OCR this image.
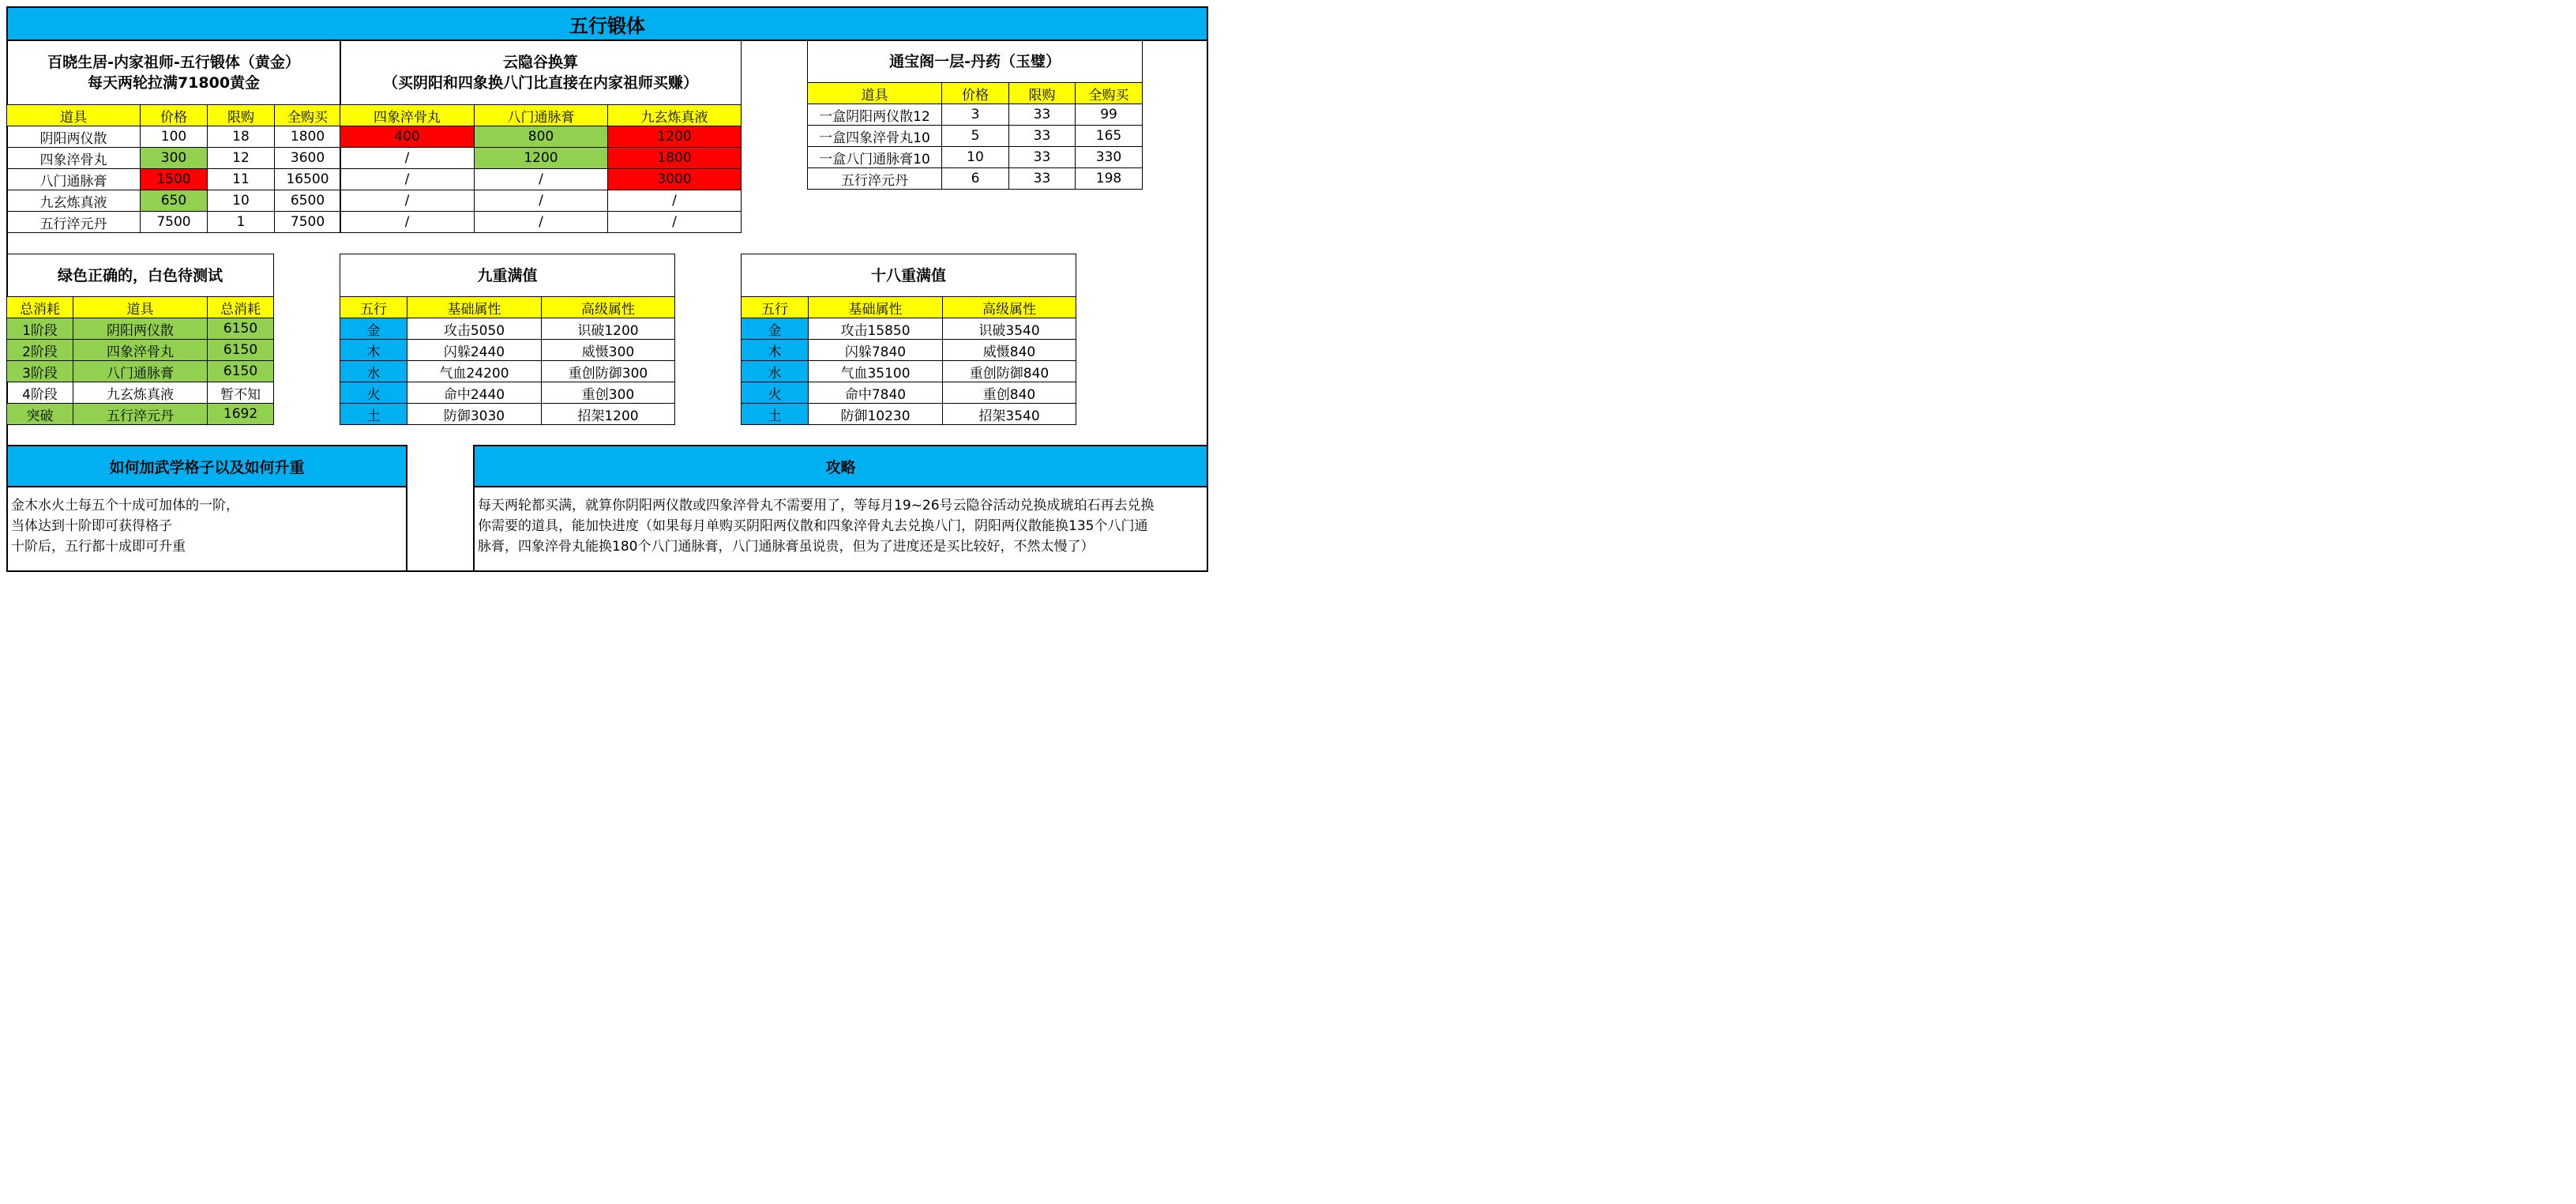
五行锻体
百晓生居-内家祖师-五行锻体（黄金）
每天两轮拉满71800黄金			

道具	价格	限购	全购买
阴阳两仪散	100	18	1800
四象淬骨丸	300	12	3600
八门通脉膏	1500	11	16500
九玄炼真液	650	10	6500
五行淬元丹	7500	1	7500
云隐谷换算
（买阴阳和四象换八门比直接在内家祖师买赚）		

四象淬骨丸	八门通脉膏	九玄炼真液
400	800	1200
/	1200	1800
/	/	3000
/	/	/
/	/	/
通宝阁一层-丹药（玉璧）			
道具	价格	限购	全购买
一盒阴阳两仪散12	3	33	99
一盒四象淬骨丸10	5	33	165
一盒八门通脉膏10	10	33	330
五行淬元丹	6	33	198
绿色正确的，白色待测试		
总消耗	道具	总消耗
1阶段	阴阳两仪散	6150
2阶段	四象淬骨丸	6150
3阶段	八门通脉膏	6150
4阶段	九玄炼真液	暂不知
突破	五行淬元丹	1692
九重满值		
五行	基础属性	高级属性
金	攻击5050	识破1200
木	闪躲2440	威慑300
水	气血24200	重创防御300
火	命中2440	重创300
土	防御3030	招架1200
十八重满值		
五行	基础属性	高级属性
金	攻击15850	识破3540
木	闪躲7840	威慑840
水	气血35100	重创防御840
火	命中7840	重创840
土	防御10230	招架3540
如何加武学格子以及如何升重
金木水火土每五个十成可加体的一阶，
当体达到十阶即可获得格子
十阶后，五行都十成即可升重
攻略
每天两轮都买满，就算你阴阳两仪散或四象淬骨丸不需要用了，等每月19~26号云隐谷活动兑换成琥珀石再去兑换
你需要的道具，能加快进度（如果每月单购买阴阳两仪散和四象淬骨丸去兑换八门，阴阳两仪散能换135个八门通
脉膏，四象淬骨丸能换180个八门通脉膏，八门通脉膏虽说贵，但为了进度还是买比较好，不然太慢了）
